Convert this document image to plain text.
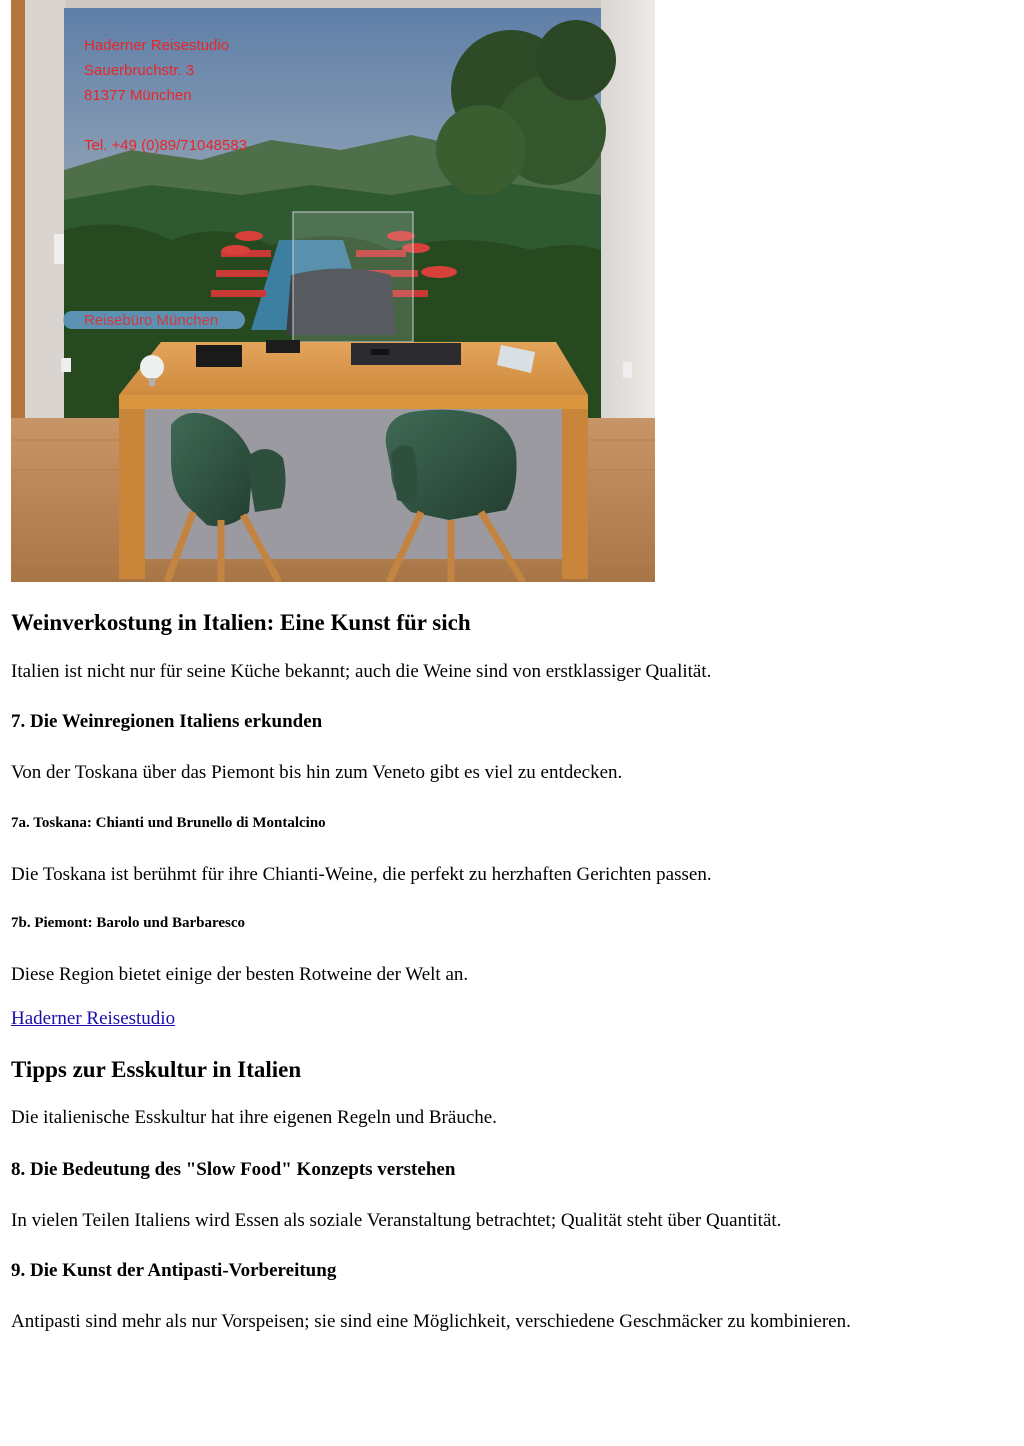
Haderner Reisestudio
Sauerbruchstr. 3
81377 München
Tel. +49 (0)89/71048583
Reisebüro München
Weinverkostung in Italien: Eine Kunst für sich

Italien ist nicht nur für seine Küche bekannt; auch die Weine sind von erstklassiger Qualität.

7. Die Weinregionen Italiens erkunden

Von der Toskana über das Piemont bis hin zum Veneto gibt es viel zu entdecken.

7a. Toskana: Chianti und Brunello di Montalcino

Die Toskana ist berühmt für ihre Chianti-Weine, die perfekt zu herzhaften Gerichten passen.

7b. Piemont: Barolo und Barbaresco

Diese Region bietet einige der besten Rotweine der Welt an.

Haderner Reisestudio
Tipps zur Esskultur in Italien

Die italienische Esskultur hat ihre eigenen Regeln und Bräuche.

8. Die Bedeutung des "Slow Food" Konzepts verstehen

In vielen Teilen Italiens wird Essen als soziale Veranstaltung betrachtet; Qualität steht über Quantität.

9. Die Kunst der Antipasti-Vorbereitung

Antipasti sind mehr als nur Vorspeisen; sie sind eine Möglichkeit, verschiedene Geschmäcker zu kombinieren.
